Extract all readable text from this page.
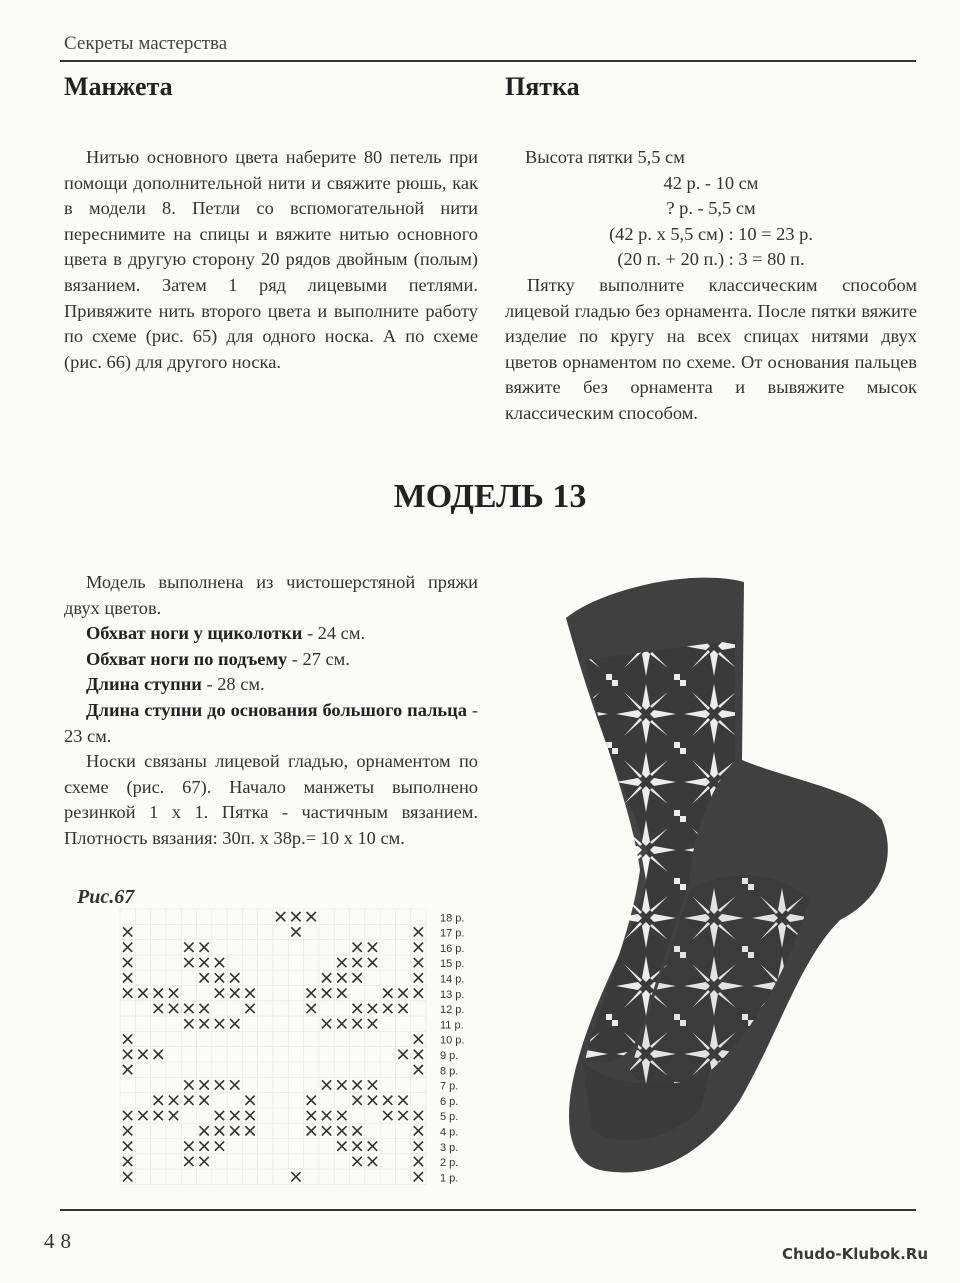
Секреты мастерства
Манжета	Пятка

Нитью основного цвета наберите 80 петель при помощи дополнительной нити и свяжите рюшь, как в модели 8. Петли со вспомогательной нити переснимите на спицы и вяжите нитью основного цвета в другую сторону 20 рядов двойным (полым) вязанием. Затем 1 ряд лицевыми петлями. Привяжите нить второго цвета и выполните работу по схеме (рис. 65) для одного носка. А по схеме (рис. 66) для другого носка.

Высота пятки 5,5 см

42 р. - 10 см

? р. - 5,5 см

(42 р. х 5,5 см) : 10 = 23 р.

(20 п. + 20 п.) : 3 = 80 п.

Пятку выполните классическим способом лицевой гладью без орнамента. После пятки вяжите изделие по кругу на всех спицах нитями двух цветов орнаментом по схеме. От основания пальцев вяжите без орнамента и вывяжите мысок классическим способом.

МОДЕЛЬ 13

Модель выполнена из чистошерстяной пряжи двух цветов.

Обхват ноги у щиколотки - 24 см.

Обхват ноги по подъему - 27 см.

Длина ступни - 28 см.

Длина ступни до основания большого пальца - 23 см.

Носки связаны лицевой гладью, орнаментом по схеме (рис. 67). Начало манжеты выполнено резинкой 1 х 1. Пятка - частичным вязанием. Плотность вязания: 30п. х 38р.= 10 х 10 см.

Рис.67
18 р.
17 р.
16 р.
15 р.
14 р.
13 р.
12 р.
11 р.
10 р.
9 р.
8 р.
7 р.
6 р.
5 р.
4 р.
3 р.
2 р.
1 р.
48
Chudo-Klubok.Ru
